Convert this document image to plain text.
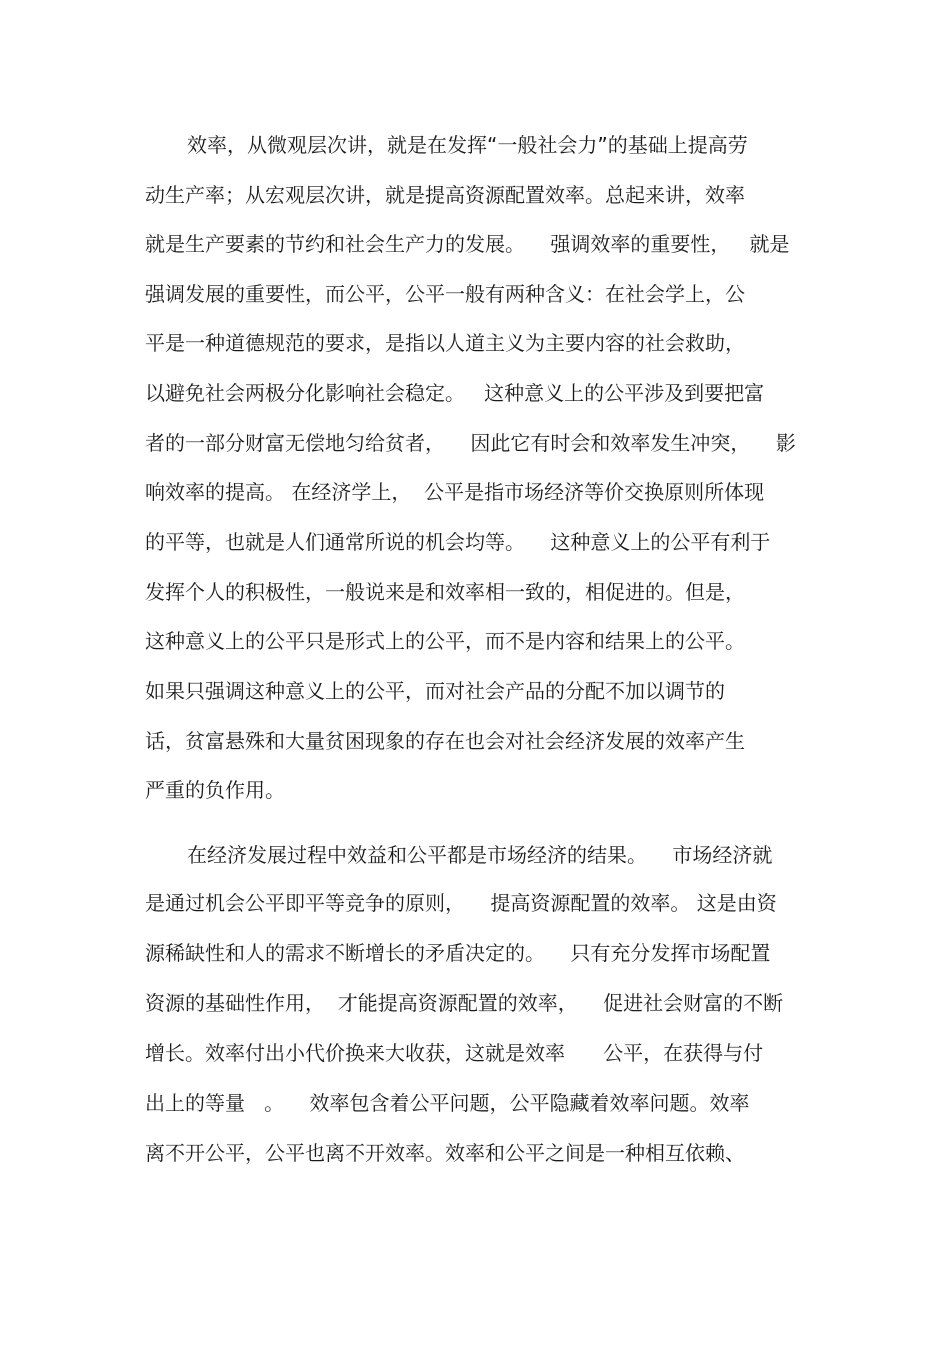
效率，从微观层次讲，就是在发挥“一般社会力”的基础上提高劳
动生产率；从宏观层次讲，就是提高资源配置效率。总起来讲，效率
就是生产要素的节约和社会生产力的发展。    强调效率的重要性，   就是
强调发展的重要性，而公平，公平一般有两种含义：在社会学上，公
平是一种道德规范的要求，是指以人道主义为主要内容的社会救助，
以避免社会两极分化影响社会稳定。   这种意义上的公平涉及到要把富
者的一部分财富无偿地匀给贫者，    因此它有时会和效率发生冲突，    影
响效率的提高。 在经济学上，  公平是指市场经济等价交换原则所体现
的平等，也就是人们通常所说的机会均等。    这种意义上的公平有利于
发挥个人的积极性，一般说来是和效率相一致的，相促进的。但是，
这种意义上的公平只是形式上的公平，而不是内容和结果上的公平。
如果只强调这种意义上的公平，而对社会产品的分配不加以调节的
话，贫富悬殊和大量贫困现象的存在也会对社会经济发展的效率产生
严重的负作用。
在经济发展过程中效益和公平都是市场经济的结果。    市场经济就
是通过机会公平即平等竞争的原则，    提高资源配置的效率。 这是由资
源稀缺性和人的需求不断增长的矛盾决定的。    只有充分发挥市场配置
资源的基础性作用，  才能提高资源配置的效率，    促进社会财富的不断
增长。效率付出小代价换来大收获，这就是效率      公平，在获得与付
出上的等量   。    效率包含着公平问题，公平隐藏着效率问题。效率
离不开公平，公平也离不开效率。效率和公平之间是一种相互依赖、
